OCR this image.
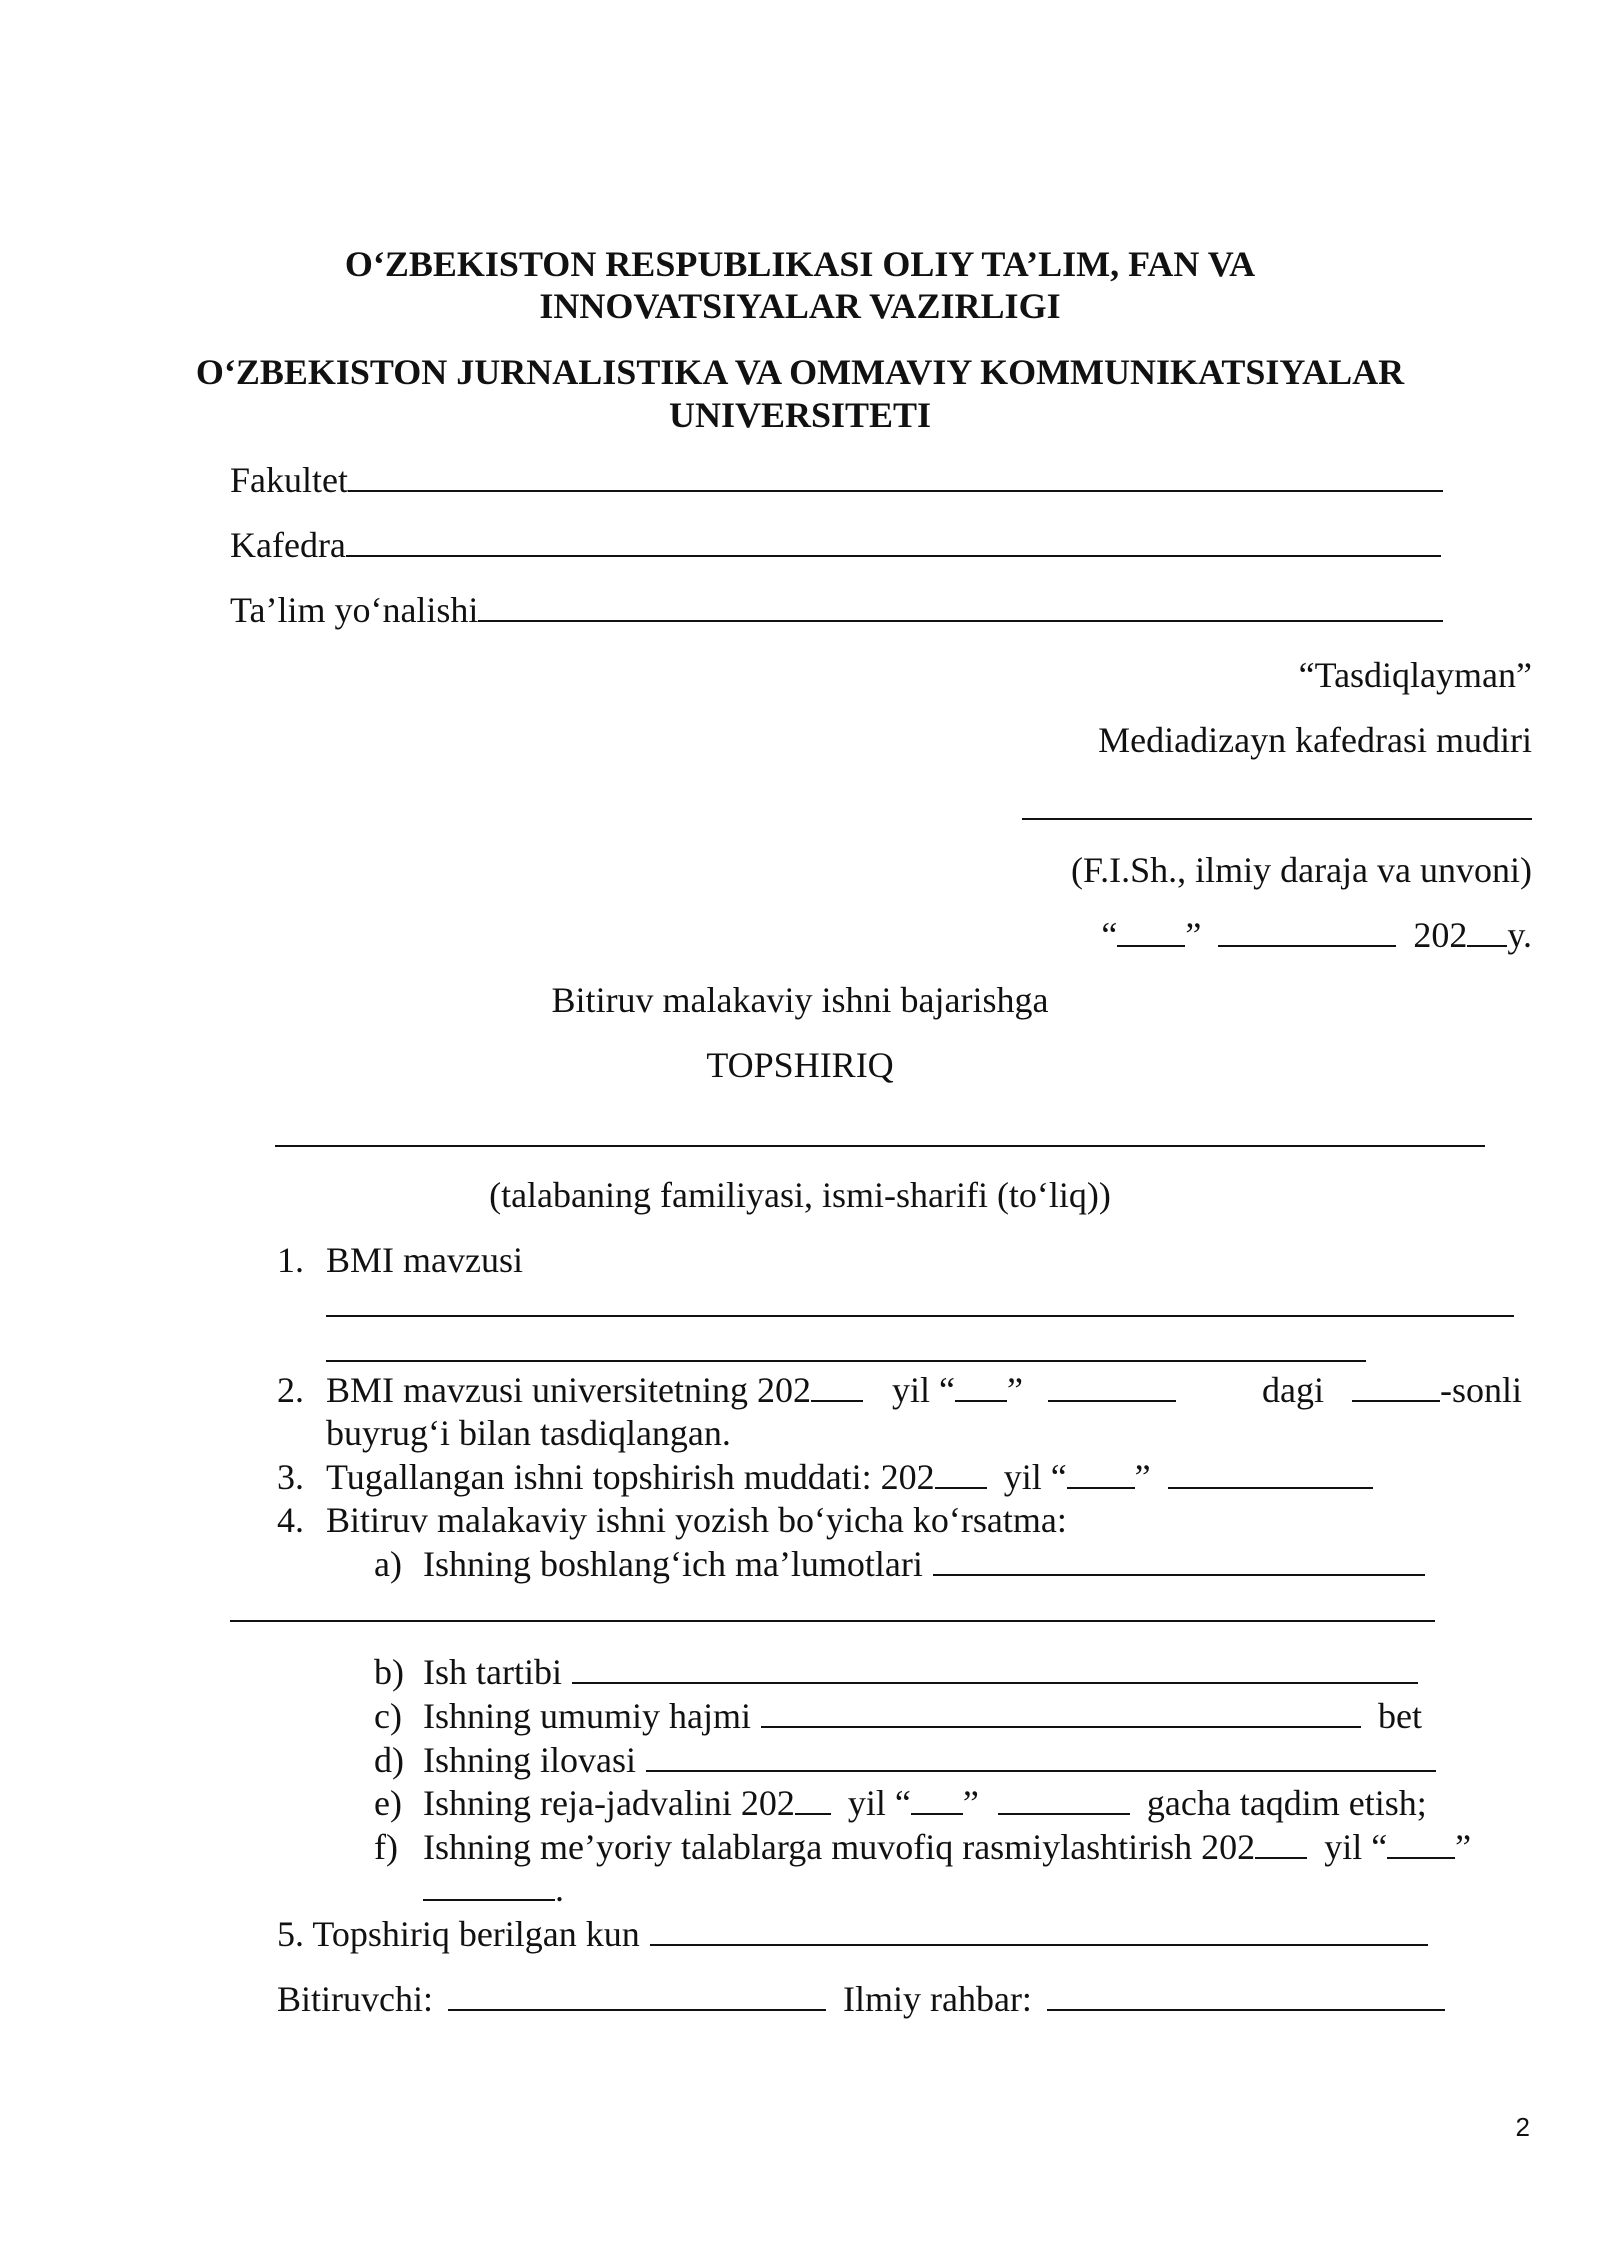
O‘ZBEKISTON RESPUBLIKASI OLIY TA’LIM, FAN VA
INNOVATSIYALAR VAZIRLIGI
O‘ZBEKISTON JURNALISTIKA VA OMMAVIY KOMMUNIKATSIYALAR
UNIVERSITETI
Fakultet
Kafedra
Ta’lim yo‘nalishi
“Tasdiqlayman”
Mediadizayn kafedrasi mudiri
(F.I.Sh., ilmiy daraja va unvoni)
“ ”	202 y.
Bitiruv malakaviy ishni bajarishga
TOPSHIRIQ
(talabaning familiyasi, ismi-sharifi (to‘liq))
1. BMI mavzusi
2. BMI mavzusi universitetning 202 yil “ ”	dagi	-sonli
buyrug‘i bilan tasdiqlangan.
3. Tugallangan ishni topshirish muddati: 202 yil “ ”
4. Bitiruv malakaviy ishni yozish bo‘yicha ko‘rsatma:
a) Ishning boshlang‘ich ma’lumotlari
b) Ish tartibi
c) Ishning umumiy hajmi	bet
d) Ishning ilovasi
e) Ishning reja-jadvalini 202 yil “ ”	gacha taqdim etish;
f) Ishning me’yoriy talablarga muvofiq rasmiylashtirish 202 yil “ ”
.
5. Topshiriq berilgan kun
Bitiruvchi:	Ilmiy rahbar:
2
